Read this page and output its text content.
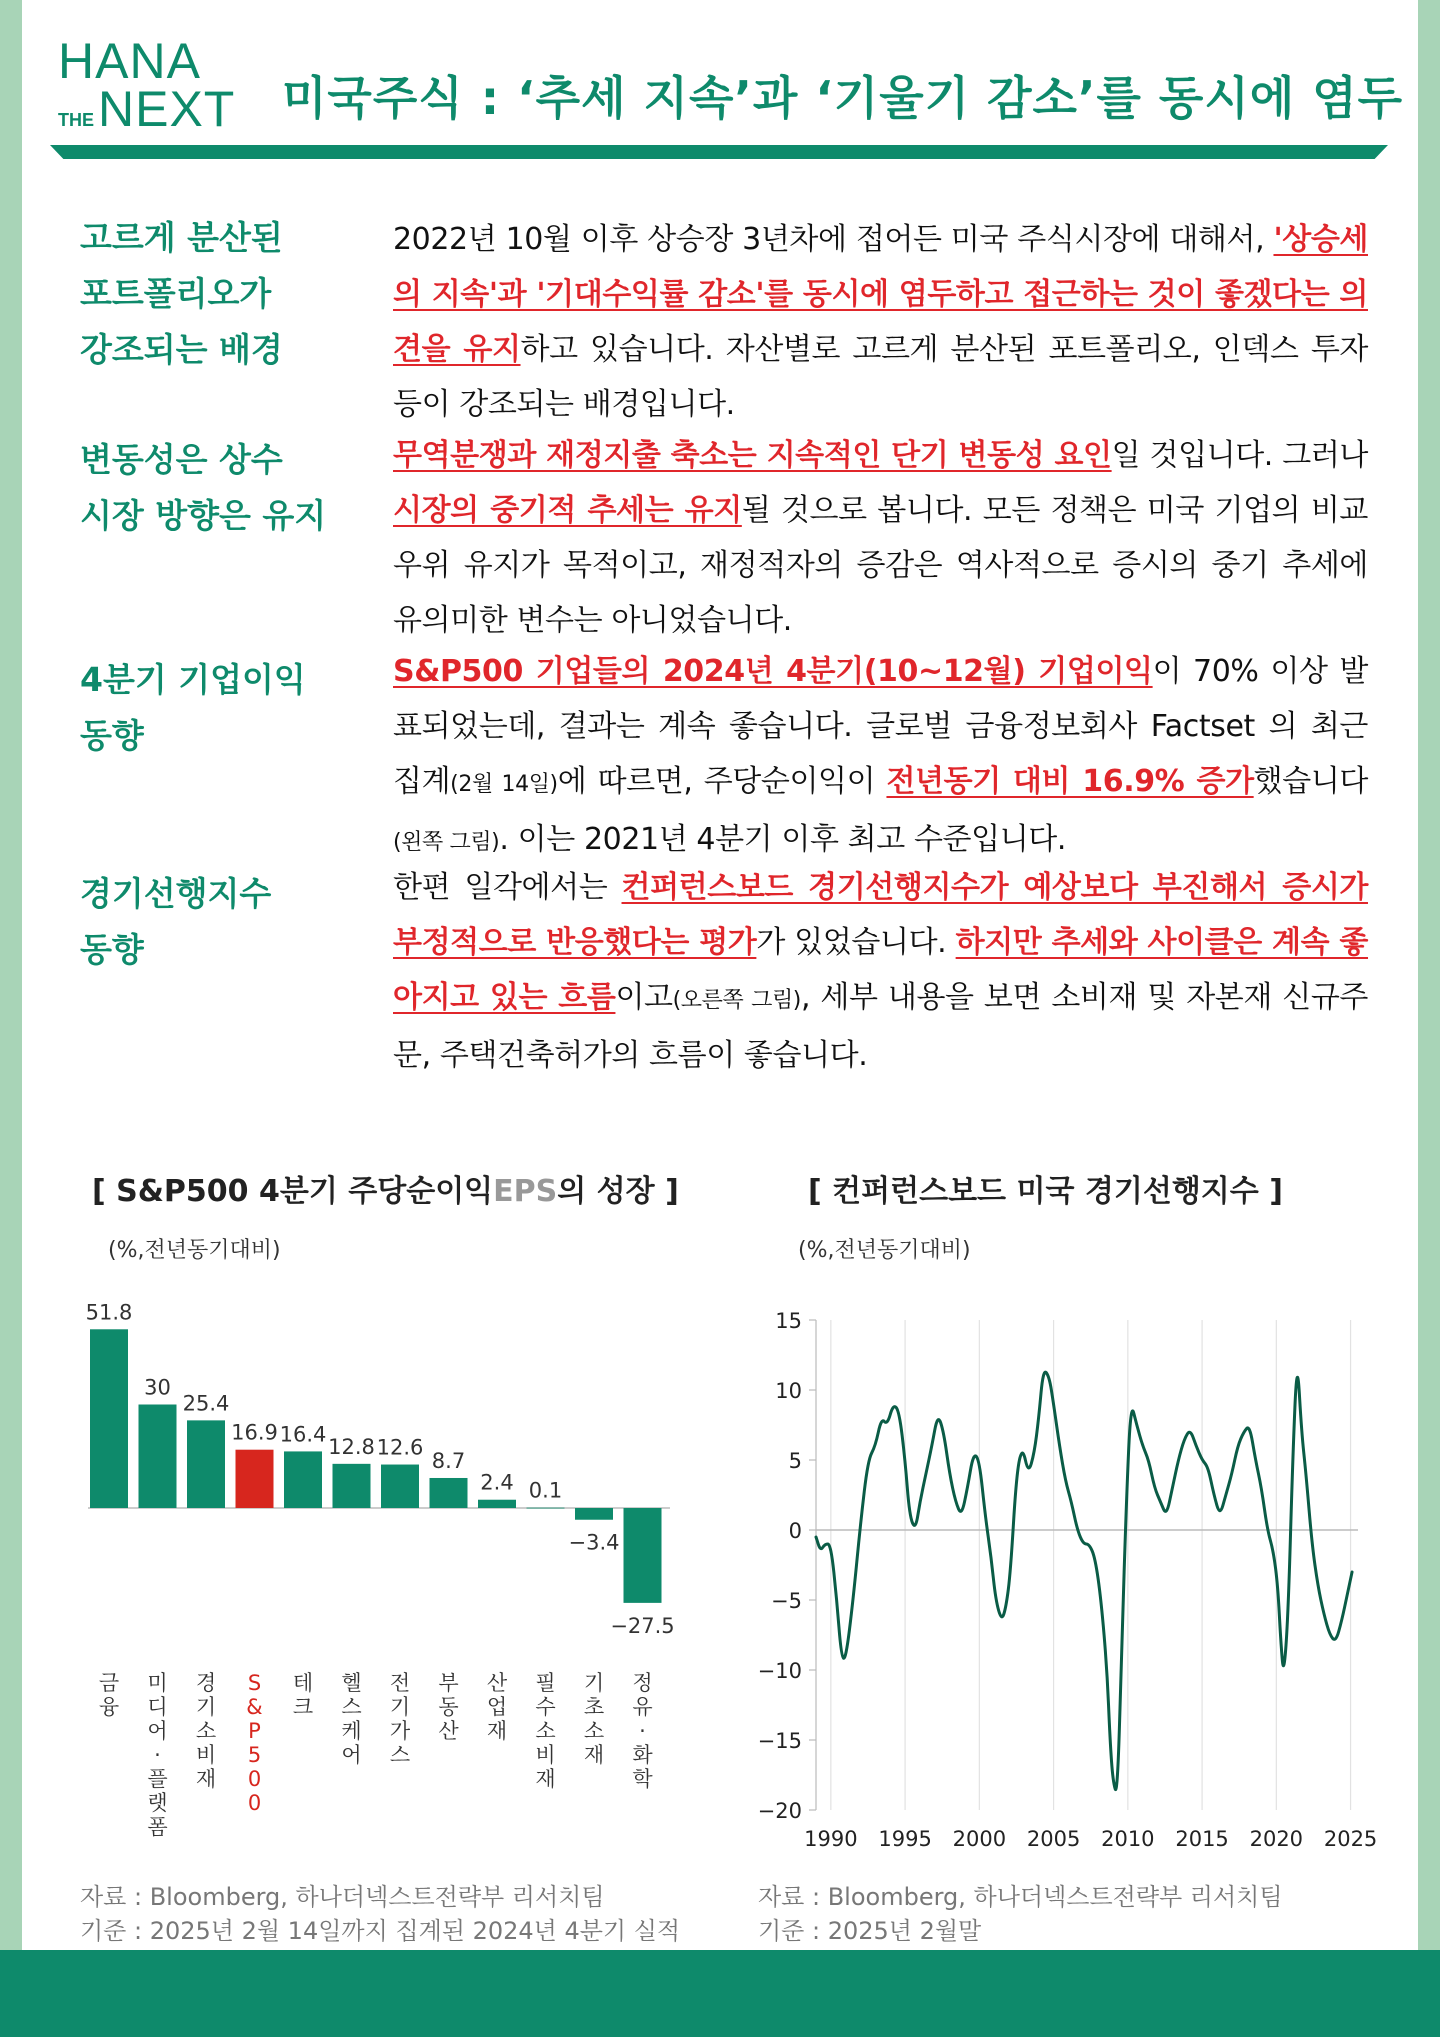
HANA
THE NEXT 미국주식 : ‘추세 지속’과 ‘기울기 감소’를 동시에 염두
고르게 분산된
포트폴리오가
강조되는 배경
2022년 10월 이후 상승장 3년차에 접어든 미국 주식시장에 대해서, '상승세의 지속'과 '기대수익률 감소'를 동시에 염두하고 접근하는 것이 좋겠다는 의견을 유지하고 있습니다. 자산별로 고르게 분산된 포트폴리오, 인덱스 투자 등이 강조되는 배경입니다.
변동성은 상수
시장 방향은 유지
무역분쟁과 재정지출 축소는 지속적인 단기 변동성 요인일 것입니다. 그러나 시장의 중기적 추세는 유지될 것으로 봅니다. 모든 정책은 미국 기업의 비교우위 유지가 목적이고, 재정적자의 증감은 역사적으로 증시의 중기 추세에 유의미한 변수는 아니었습니다.
4분기 기업이익
동향
S&P500 기업들의 2024년 4분기(10~12월) 기업이익이 70% 이상 발표되었는데, 결과는 계속 좋습니다. 글로벌 금융정보회사 Factset 의 최근 집계(2월 14일)에 따르면, 주당순이익이 전년동기 대비 16.9% 증가했습니다(왼쪽 그림). 이는 2021년 4분기 이후 최고 수준입니다.
경기선행지수
동향
한편 일각에서는 컨퍼런스보드 경기선행지수가 예상보다 부진해서 증시가 부정적으로 반응했다는 평가가 있었습니다. 하지만 추세와 사이클은 계속 좋아지고 있는 흐름이고(오른쪽 그림), 세부 내용을 보면 소비재 및 자본재 신규주문, 주택건축허가의 흐름이 좋습니다.
[ S&P500 4분기 주당순이익EPS의 성장 ]
(%,전년동기대비)
51.8
금 융
30
미 디 어 · 플 랫 폼
25.4
경 기 소 비 재
16.9
S & P 5 0 0
16.4
테 크
12.8
헬 스 케 어
12.6
전 기 가 스
8.7
부 동 산
2.4
산 업 재
0.1
필 수 소 비 재
−3.4
기 초 소 재
−27.5
정 유 · 화 학
자료 : Bloomberg, 하나더넥스트전략부 리서치팀
기준 : 2025년 2월 14일까지 집계된 2024년 4분기 실적
[ 컨퍼런스보드 미국 경기선행지수 ]
(%,전년동기대비)
1990 1995 2000 2005 2010 2015 2020 2025
15
10
5
0
−5
−10
−15
−20
자료 : Bloomberg, 하나더넥스트전략부 리서치팀
기준 : 2025년 2월말
